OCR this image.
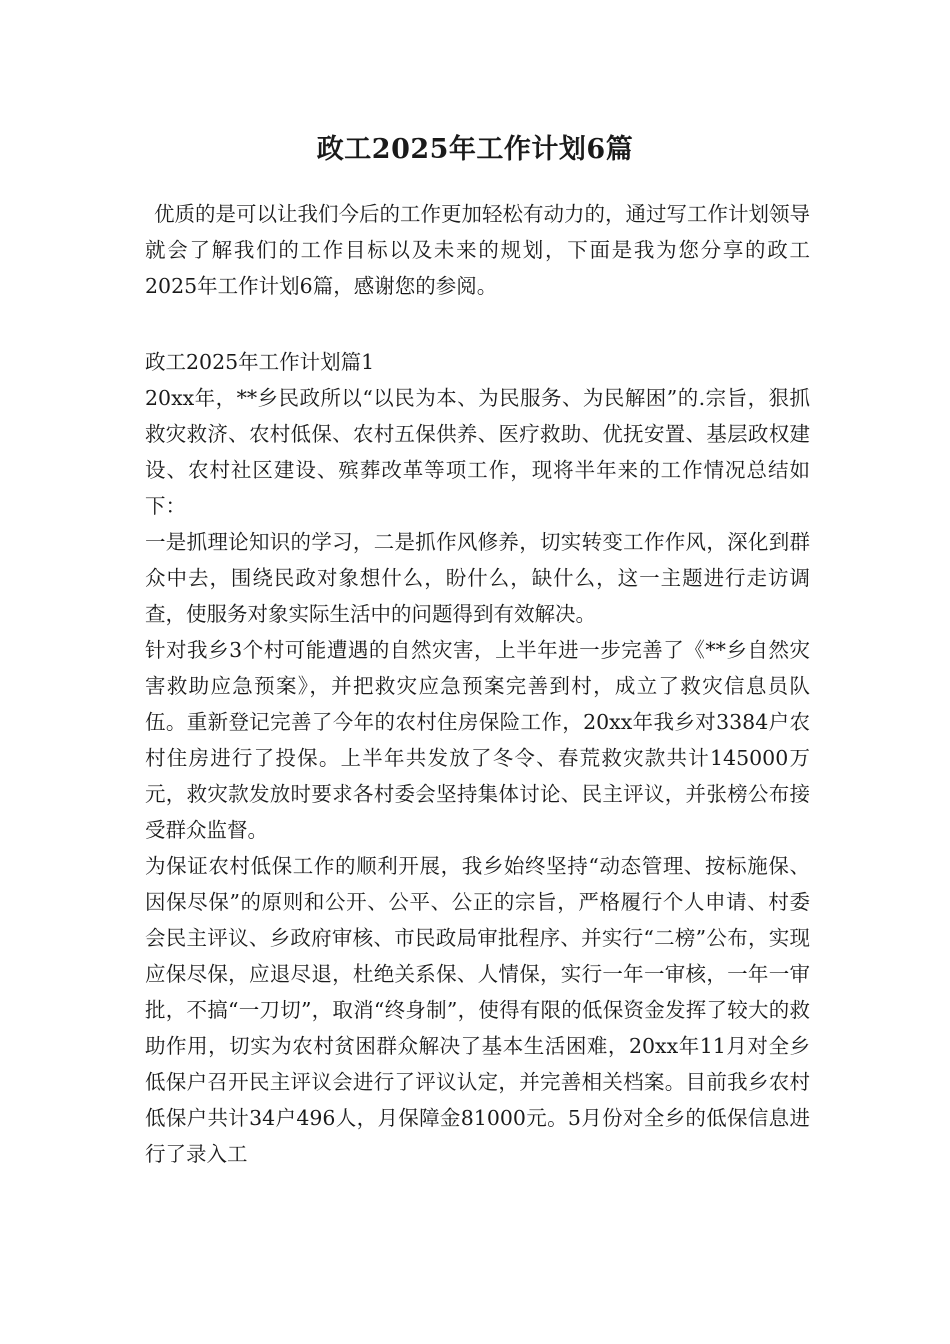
政工2025年工作计划6篇
优质的是可以让我们今后的工作更加轻松有动力的，通过写工作计划领导就会了解我们的工作目标以及未来的规划，下面是我为您分享的政工2025年工作计划6篇，感谢您的参阅。

政工2025年工作计划篇1

20xx年，**乡民政所以“以民为本、为民服务、为民解困”的.宗旨，狠抓救灾救济、农村低保、农村五保供养、医疗救助、优抚安置、基层政权建设、农村社区建设、殡葬改革等项工作，现将半年来的工作情况总结如下：

一是抓理论知识的学习，二是抓作风修养，切实转变工作作风，深化到群众中去，围绕民政对象想什么，盼什么，缺什么，这一主题进行走访调查，使服务对象实际生活中的问题得到有效解决。

针对我乡3个村可能遭遇的自然灾害，上半年进一步完善了《**乡自然灾害救助应急预案》，并把救灾应急预案完善到村，成立了救灾信息员队伍。重新登记完善了今年的农村住房保险工作，20xx年我乡对3384户农村住房进行了投保。上半年共发放了冬令、春荒救灾款共计145000万元，救灾款发放时要求各村委会坚持集体讨论、民主评议，并张榜公布接受群众监督。

为保证农村低保工作的顺利开展，我乡始终坚持“动态管理、按标施保、因保尽保”的原则和公开、公平、公正的宗旨，严格履行个人申请、村委会民主评议、乡政府审核、市民政局审批程序、并实行“二榜”公布，实现应保尽保，应退尽退，杜绝关系保、人情保，实行一年一审核，一年一审批，不搞“一刀切”，取消“终身制”，使得有限的低保资金发挥了较大的救助作用，切实为农村贫困群众解决了基本生活困难，20xx年11月对全乡低保户召开民主评议会进行了评议认定，并完善相关档案。目前我乡农村低保户共计34户496人，月保障金81000元。5月份对全乡的低保信息进行了录入工
